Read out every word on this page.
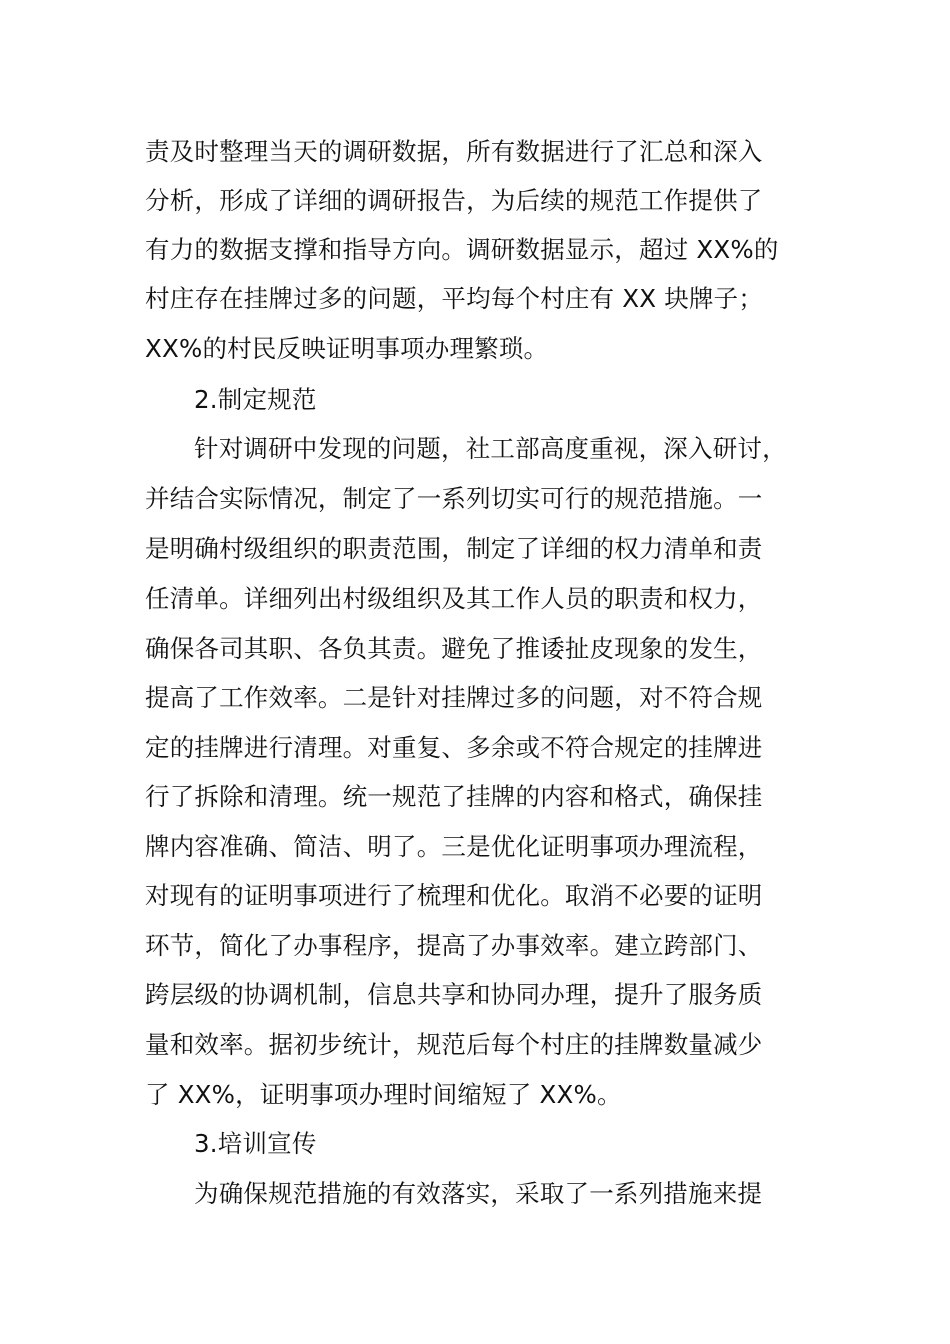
责及时整理当天的调研数据，所有数据进行了汇总和深入
分析，形成了详细的调研报告，为后续的规范工作提供了
有力的数据支撑和指导方向。调研数据显示，超过 XX%的
村庄存在挂牌过多的问题，平均每个村庄有 XX 块牌子；
XX%的村民反映证明事项办理繁琐。
2.制定规范
针对调研中发现的问题，社工部高度重视，深入研讨，
并结合实际情况，制定了一系列切实可行的规范措施。一
是明确村级组织的职责范围，制定了详细的权力清单和责
任清单。详细列出村级组织及其工作人员的职责和权力，
确保各司其职、各负其责。避免了推诿扯皮现象的发生，
提高了工作效率。二是针对挂牌过多的问题，对不符合规
定的挂牌进行清理。对重复、多余或不符合规定的挂牌进
行了拆除和清理。统一规范了挂牌的内容和格式，确保挂
牌内容准确、简洁、明了。三是优化证明事项办理流程，
对现有的证明事项进行了梳理和优化。取消不必要的证明
环节，简化了办事程序，提高了办事效率。建立跨部门、
跨层级的协调机制，信息共享和协同办理，提升了服务质
量和效率。据初步统计，规范后每个村庄的挂牌数量减少
了 XX%，证明事项办理时间缩短了 XX%。
3.培训宣传
为确保规范措施的有效落实，采取了一系列措施来提
